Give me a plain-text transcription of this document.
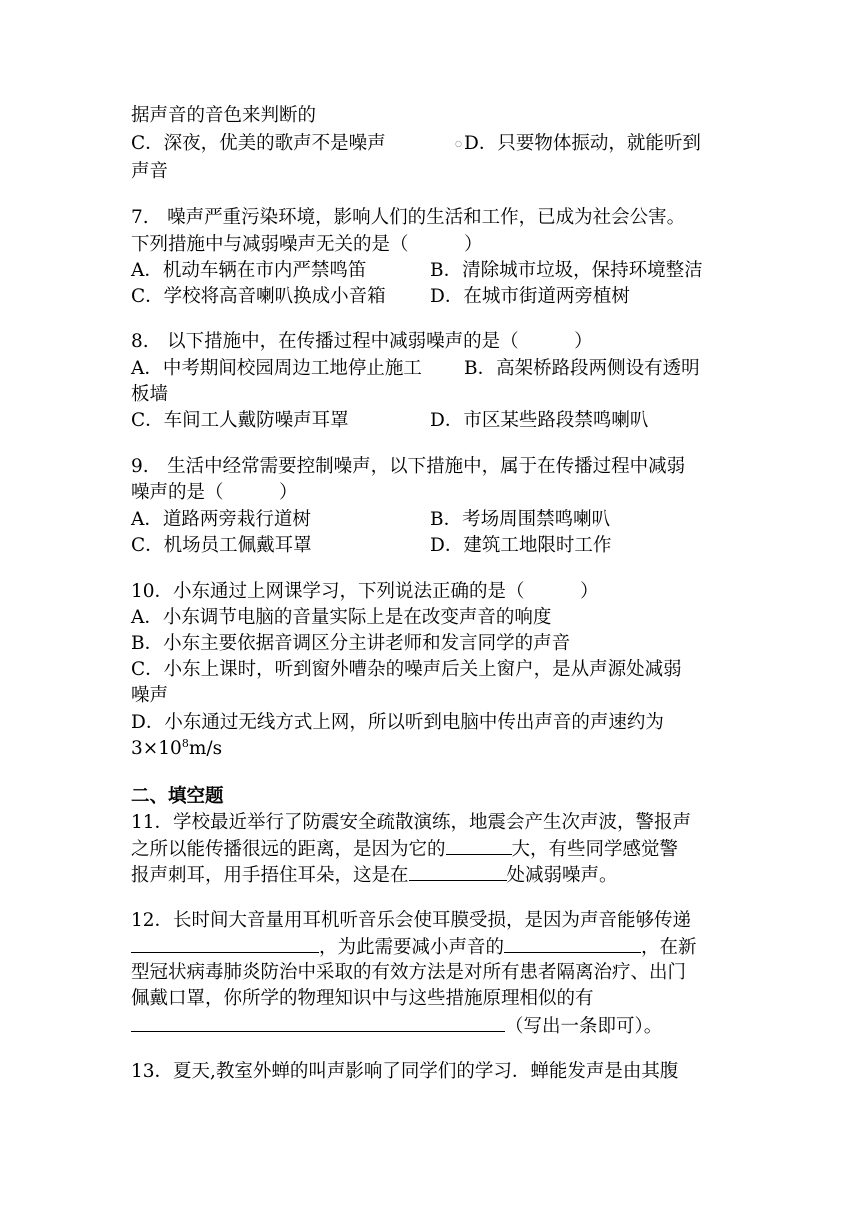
据声音的音色来判断的
C．深夜，优美的歌声不是噪声	○ D．只要物体振动，就能听到
声音
7.　噪声严重污染环境，影响人们的生活和工作，已成为社会公害。
下列措施中与减弱噪声无关的是（　　　）
A．机动车辆在市内严禁鸣笛	B．清除城市垃圾，保持环境整洁
C．学校将高音喇叭换成小音箱 D．在城市街道两旁植树
8.　以下措施中，在传播过程中减弱噪声的是（　　　）
A．中考期间校园周边工地停止施工 B．高架桥路段两侧设有透明
板墙
C．车间工人戴防噪声耳罩	D．市区某些路段禁鸣喇叭
9.　生活中经常需要控制噪声，以下措施中，属于在传播过程中减弱
噪声的是（　　　）
A．道路两旁栽行道树	B．考场周围禁鸣喇叭
C．机场员工佩戴耳罩	D．建筑工地限时工作
10．小东通过上网课学习，下列说法正确的是（　　　）
A．小东调节电脑的音量实际上是在改变声音的响度
B．小东主要依据音调区分主讲老师和发言同学的声音
C．小东上课时，听到窗外嘈杂的噪声后关上窗户，是从声源处减弱
噪声
D．小东通过无线方式上网，所以听到电脑中传出声音的声速约为
$3\times 10^8m/s$
二、填空题
11．学校最近举行了防震安全疏散演练，地震会产生次声波，警报声
之所以能传播很远的距离，是因为它的	大，有些同学感觉警
报声刺耳，用手捂住耳朵，这是在	处减弱噪声。
12．长时间大音量用耳机听音乐会使耳膜受损，是因为声音能够传递
，为此需要减小声音的	，在新
型冠状病毒肺炎防治中采取的有效方法是对所有患者隔离治疗、出门
佩戴口罩，你所学的物理知识中与这些措施原理相似的有
（写出一条即可）。
13．夏天,教室外蝉的叫声影响了同学们的学习．蝉能发声是由其腹
